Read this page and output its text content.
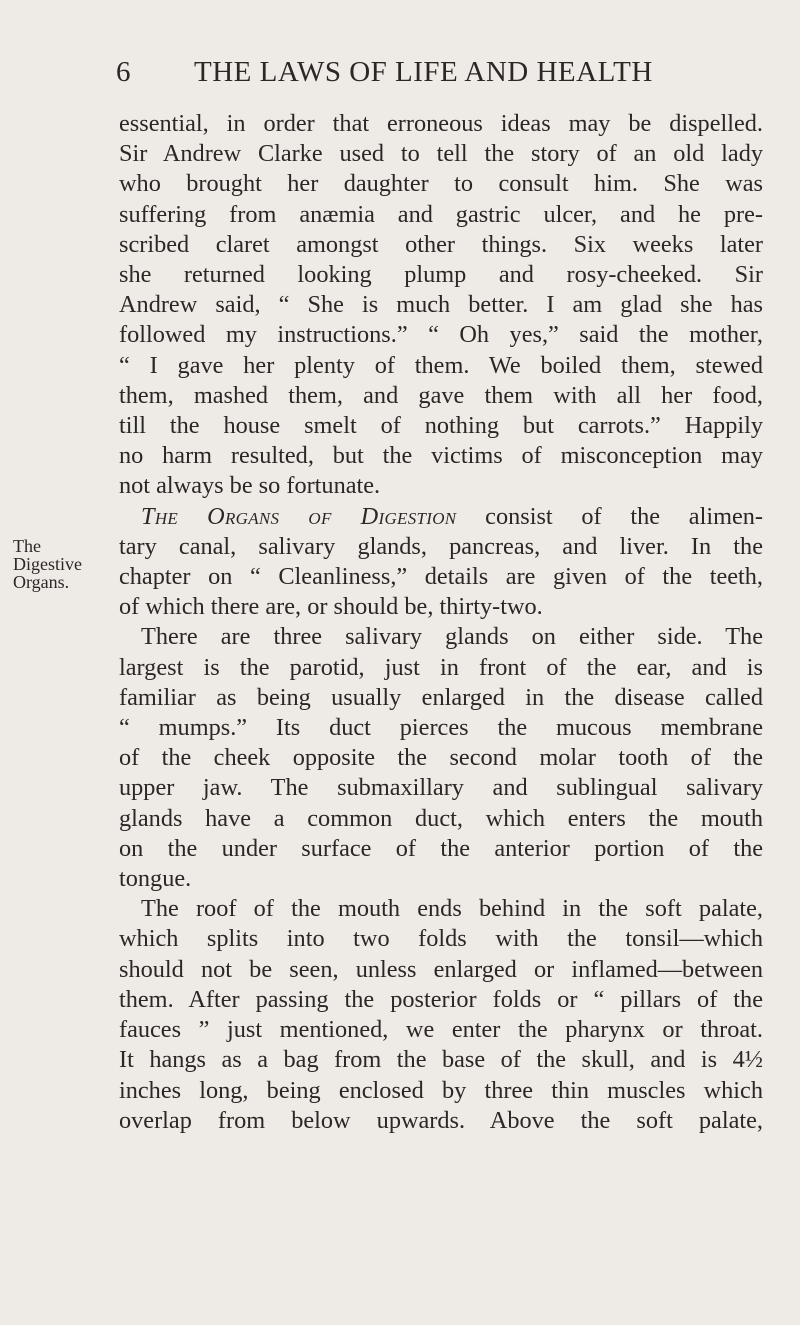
6 THE LAWS OF LIFE AND HEALTH
The
Digestive
Organs.
essential, in order that erroneous ideas may be dispelled.
Sir Andrew Clarke used to tell the story of an old lady
who brought her daughter to consult him. She was
suffering from anæmia and gastric ulcer, and he pre-
scribed claret amongst other things. Six weeks later
she returned looking plump and rosy-cheeked. Sir
Andrew said, “ She is much better. I am glad she has
followed my instructions.” “ Oh yes,” said the mother,
“ I gave her plenty of them. We boiled them, stewed
them, mashed them, and gave them with all her food,
till the house smelt of nothing but carrots.” Happily
no harm resulted, but the victims of misconception may
not always be so fortunate.
The Organs of Digestion consist of the alimen-
tary canal, salivary glands, pancreas, and liver. In the
chapter on “ Cleanliness,” details are given of the teeth,
of which there are, or should be, thirty-two.
There are three salivary glands on either side. The
largest is the parotid, just in front of the ear, and is
familiar as being usually enlarged in the disease called
“ mumps.” Its duct pierces the mucous membrane
of the cheek opposite the second molar tooth of the
upper jaw. The submaxillary and sublingual salivary
glands have a common duct, which enters the mouth
on the under surface of the anterior portion of the
tongue.
The roof of the mouth ends behind in the soft palate,
which splits into two folds with the tonsil—which
should not be seen, unless enlarged or inflamed—between
them. After passing the posterior folds or “ pillars of the
fauces ” just mentioned, we enter the pharynx or throat.
It hangs as a bag from the base of the skull, and is 4½
inches long, being enclosed by three thin muscles which
overlap from below upwards. Above the soft palate,
